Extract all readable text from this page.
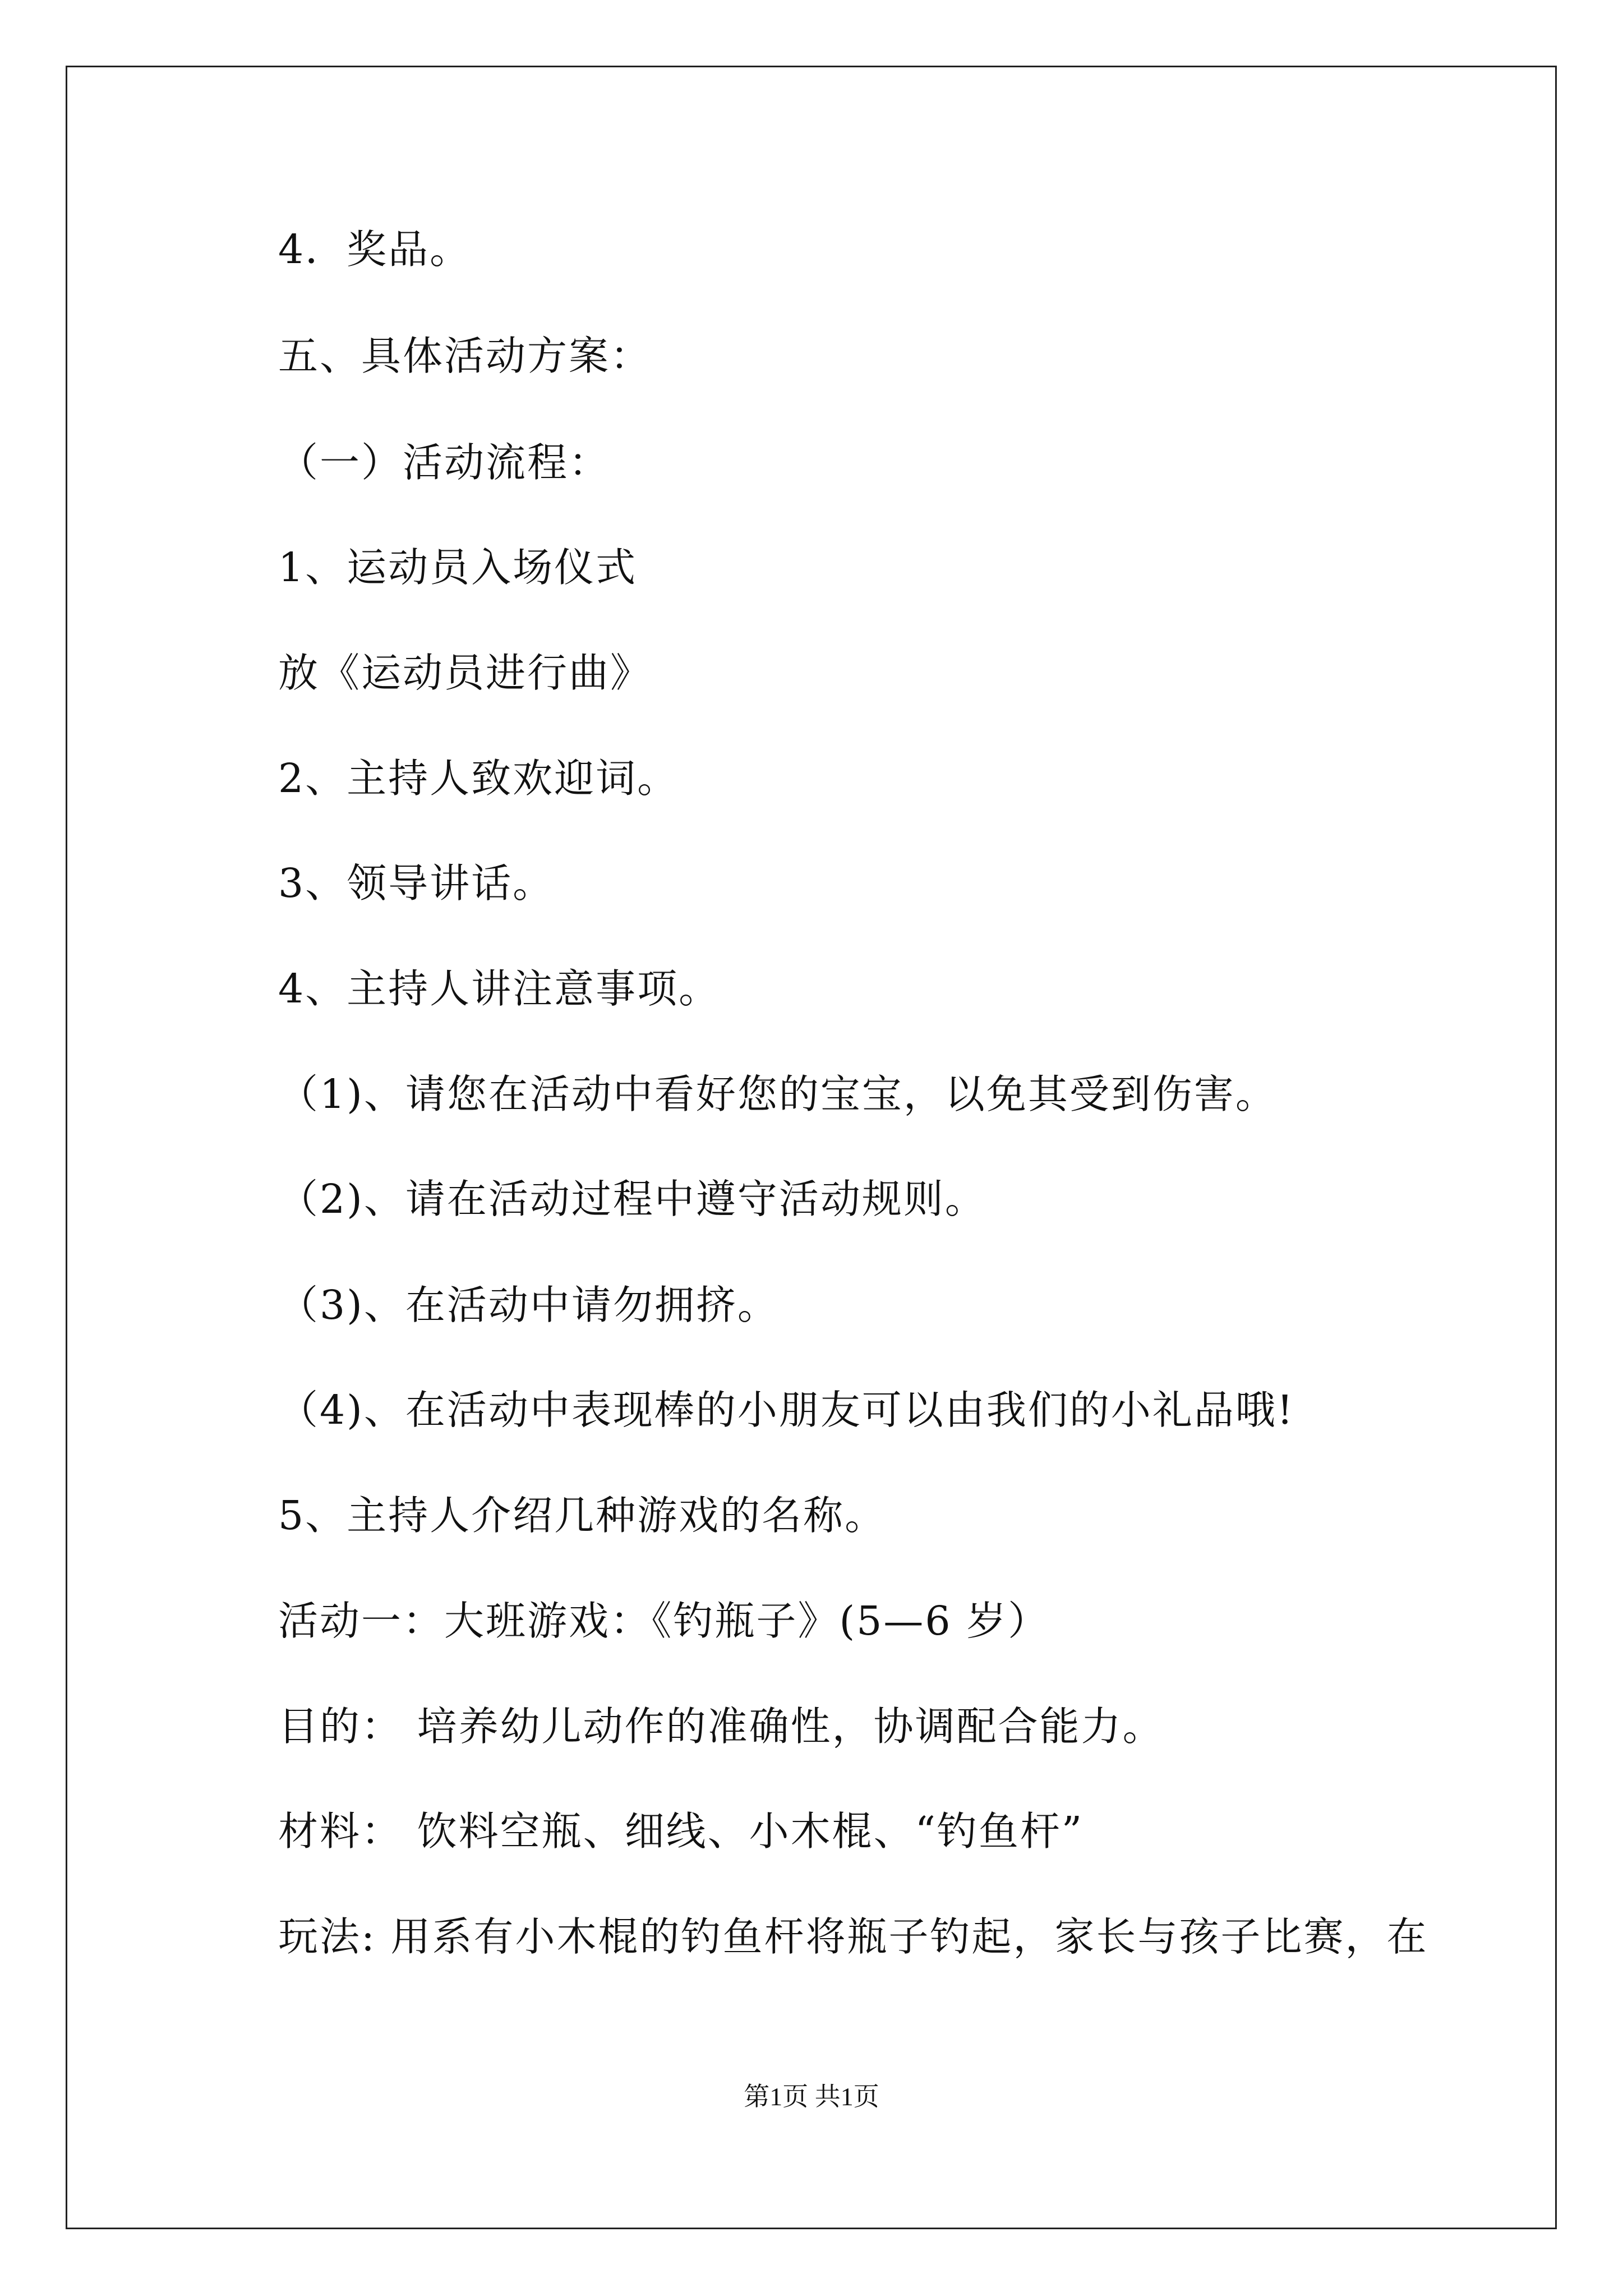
4．奖品。
五、具体活动方案：
（一）活动流程：
1、运动员入场仪式
放《运动员进行曲》
2、主持人致欢迎词。
3、领导讲话。
4、主持人讲注意事项。
（1)、请您在活动中看好您的宝宝，以免其受到伤害。
（2)、请在活动过程中遵守活动规则。
（3)、在活动中请勿拥挤。
（4)、在活动中表现棒的小朋友可以由我们的小礼品哦!
5、主持人介绍几种游戏的名称。
活动一：大班游戏：《钓瓶子》(5—6 岁）
目的： 培养幼儿动作的准确性，协调配合能力。
材料： 饮料空瓶、细线、小木棍、“钓鱼杆”
玩法: 用系有小木棍的钓鱼杆将瓶子钓起，家长与孩子比赛，在
第1页 共1页
